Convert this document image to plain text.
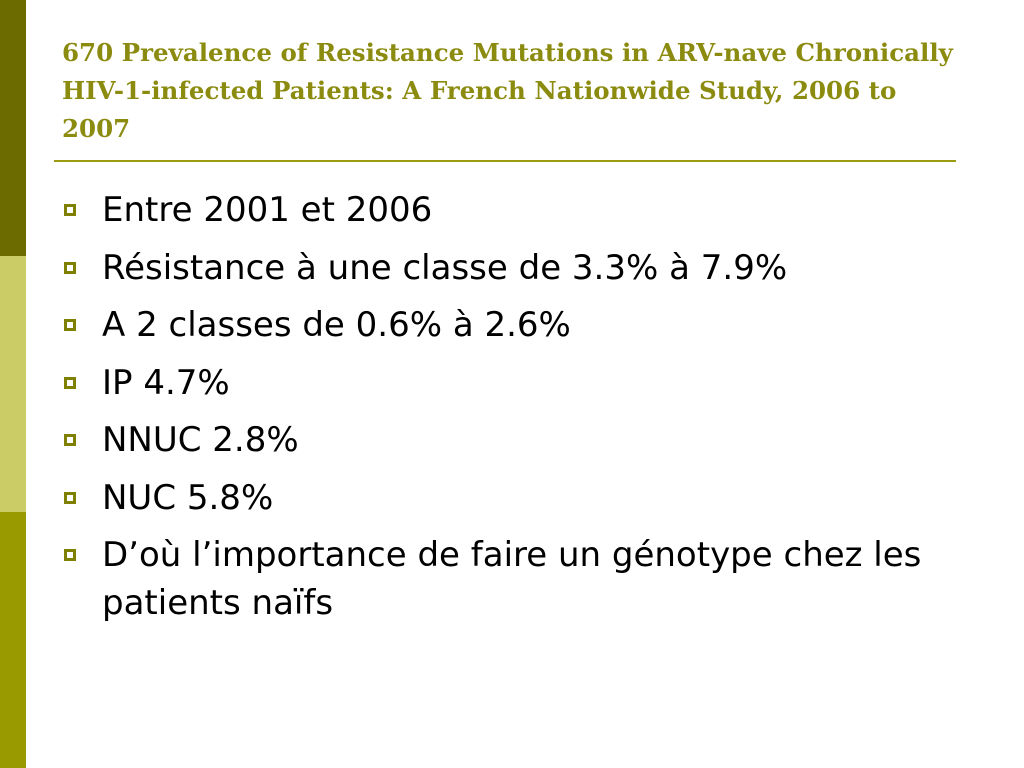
670 Prevalence of Resistance Mutations in ARV-nave Chronically HIV-1-infected Patients: A French Nationwide Study, 2006 to 2007
Entre 2001 et 2006
Résistance à une classe de 3.3% à 7.9%
A 2 classes de 0.6% à 2.6%
IP 4.7%
NNUC 2.8%
NUC 5.8%
D’où l’importance de faire un génotype chez les patients naïfs
